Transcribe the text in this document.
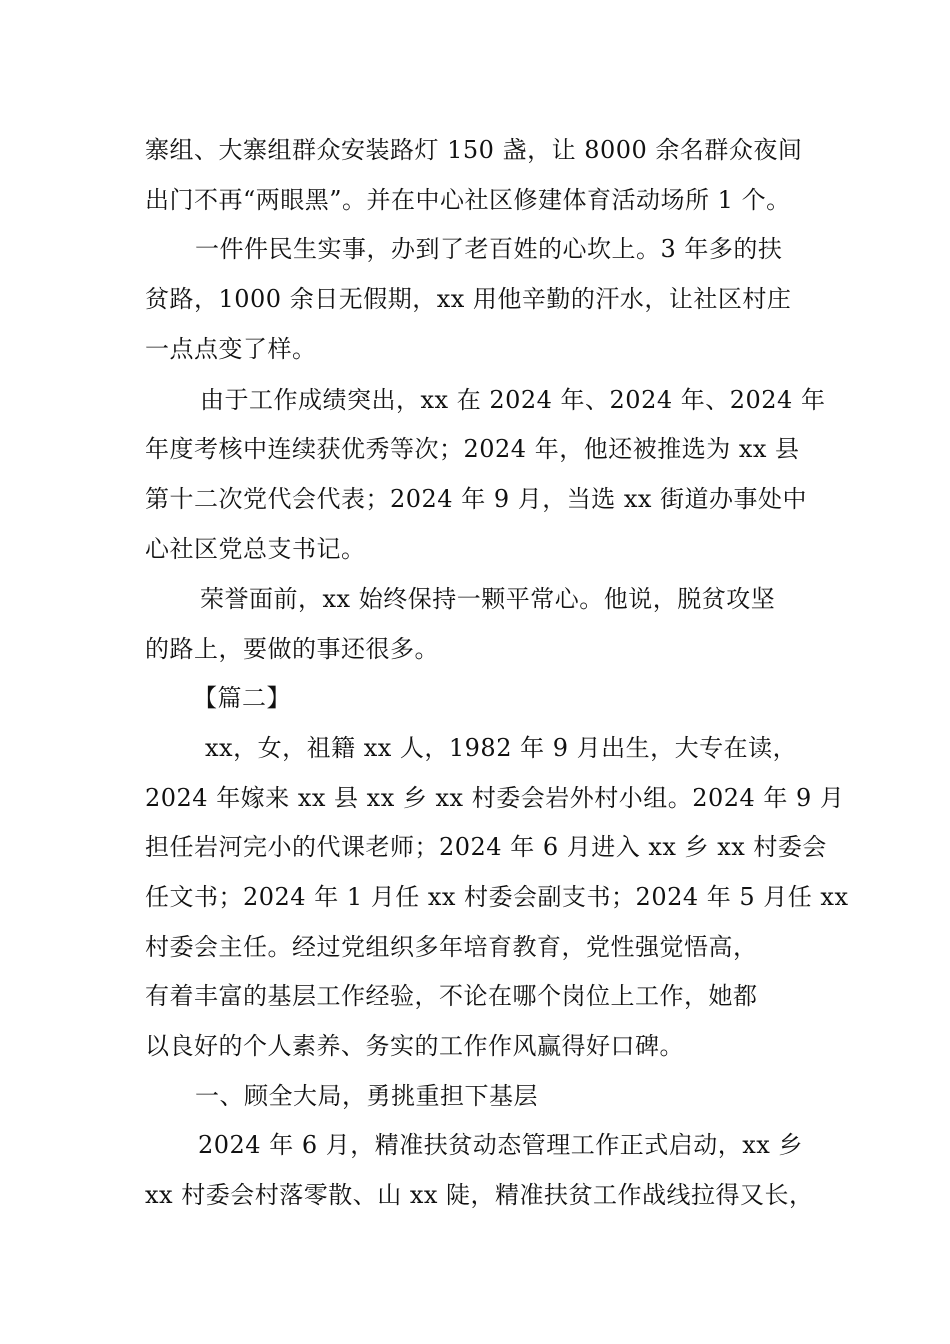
寨组、大寨组群众安装路灯 150 盏，让 8000 余名群众夜间
出门不再“两眼黑”。并在中心社区修建体育活动场所 1 个。
一件件民生实事，办到了老百姓的心坎上。3 年多的扶
贫路，1000 余日无假期，xx 用他辛勤的汗水，让社区村庄
一点点变了样。
由于工作成绩突出，xx 在 2024 年、2024 年、2024 年
年度考核中连续获优秀等次；2024 年，他还被推选为 xx 县
第十二次党代会代表；2024 年 9 月，当选 xx 街道办事处中
心社区党总支书记。
荣誉面前，xx 始终保持一颗平常心。他说，脱贫攻坚
的路上，要做的事还很多。
【篇二】
xx，女，祖籍 xx 人，1982 年 9 月出生，大专在读，
2024 年嫁来 xx 县 xx 乡 xx 村委会岩外村小组。2024 年 9 月
担任岩河完小的代课老师；2024 年 6 月进入 xx 乡 xx 村委会
任文书；2024 年 1 月任 xx 村委会副支书；2024 年 5 月任 xx
村委会主任。经过党组织多年培育教育，党性强觉悟高，
有着丰富的基层工作经验，不论在哪个岗位上工作，她都
以良好的个人素养、务实的工作作风赢得好口碑。
一、顾全大局，勇挑重担下基层
2024 年 6 月，精准扶贫动态管理工作正式启动，xx 乡
xx 村委会村落零散、山 xx 陡，精准扶贫工作战线拉得又长，
